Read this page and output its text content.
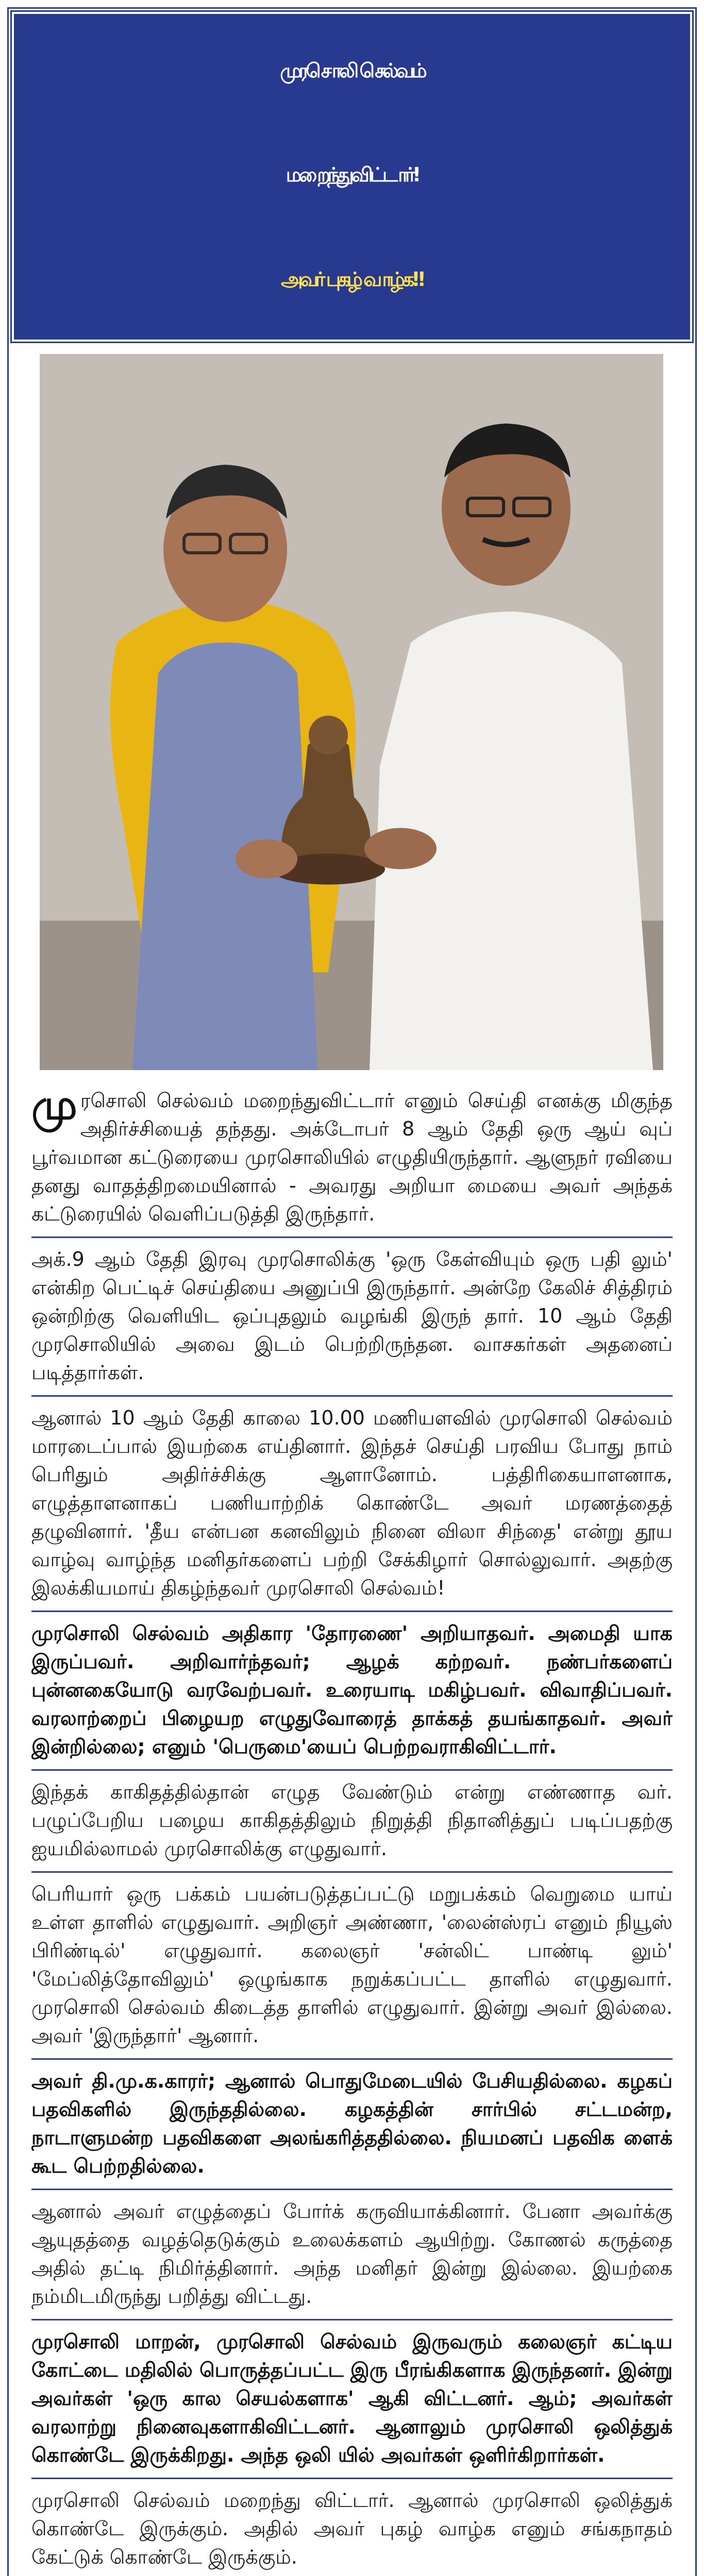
முரசொலி செல்வம்
மறைந்துவிட்டார்!
அவர் புகழ் வாழ்க!!

முரசொலி செல்வம் மறைந்துவிட்டார் எனும் செய்தி எனக்கு மிகுந்த அதிர்ச்சியைத் தந்தது. அக்டோபர் 8 ஆம் தேதி ஒரு ஆய் வுப் பூர்வமான கட்டுரையை முரசொலியில் எழுதியிருந்தார். ஆளுநர் ரவியை தனது வாதத்திறமையினால் - அவரது அறியா மையை அவர் அந்தக் கட்டுரையில் வெளிப்படுத்தி இருந்தார்.

அக்.9 ஆம் தேதி இரவு முரசொலிக்கு 'ஒரு கேள்வியும் ஒரு பதி லும்' என்கிற பெட்டிச் செய்தியை அனுப்பி இருந்தார். அன்றே கேலிச் சித்திரம் ஒன்றிற்கு வெளியிட ஒப்புதலும் வழங்கி இருந் தார். 10 ஆம் தேதி முரசொலியில் அவை இடம் பெற்றிருந்தன. வாசகர்கள் அதனைப் படித்தார்கள்.

ஆனால் 10 ஆம் தேதி காலை 10.00 மணியளவில் முரசொலி செல்வம் மாரடைப்பால் இயற்கை எய்தினார். இந்தச் செய்தி பரவிய போது நாம் பெரிதும் அதிர்ச்சிக்கு ஆளானோம். பத்திரிகையாளனாக, எழுத்தாளனாகப் பணியாற்றிக் கொண்டே அவர் மரணத்தைத் தழுவினார். 'தீய என்பன கனவிலும் நினை விலா சிந்தை' என்று தூய வாழ்வு வாழ்ந்த மனிதர்களைப் பற்றி சேக்கிழார் சொல்லுவார். அதற்கு இலக்கியமாய் திகழ்ந்தவர் முரசொலி செல்வம்!

முரசொலி செல்வம் அதிகார 'தோரணை' அறியாதவர். அமைதி யாக இருப்பவர். அறிவார்ந்தவர்; ஆழக் கற்றவர். நண்பர்களைப் புன்னகையோடு வரவேற்பவர். உரையாடி மகிழ்பவர். விவாதிப்பவர். வரலாற்றைப் பிழையற எழுதுவோரைத் தாக்கத் தயங்காதவர். அவர் இன்றில்லை; எனும் 'பெருமை'யைப் பெற்றவராகிவிட்டார்.

இந்தக் காகிதத்தில்தான் எழுத வேண்டும் என்று எண்ணாத வர். பழுப்பேறிய பழைய காகிதத்திலும் நிறுத்தி நிதானித்துப் படிப்பதற்கு ஐயமில்லாமல் முரசொலிக்கு எழுதுவார்.

பெரியார் ஒரு பக்கம் பயன்படுத்தப்பட்டு மறுபக்கம் வெறுமை யாய் உள்ள தாளில் எழுதுவார். அறிஞர் அண்ணா, 'லைன்ஸ்ரப் எனும் நியூஸ் பிரிண்டில்' எழுதுவார். கலைஞர் 'சன்லிட் பாண்டி லும்' 'மேப்லித்தோவிலும்' ஒழுங்காக நறுக்கப்பட்ட தாளில் எழுதுவார். முரசொலி செல்வம் கிடைத்த தாளில் எழுதுவார். இன்று அவர் இல்லை. அவர் 'இருந்தார்' ஆனார்.

அவர் தி.மு.க.காரர்; ஆனால் பொதுமேடையில் பேசியதில்லை. கழகப் பதவிகளில் இருந்ததில்லை. கழகத்தின் சார்பில் சட்டமன்ற, நாடாளுமன்ற பதவிகளை அலங்கரித்ததில்லை. நியமனப் பதவிக ளைக் கூட பெற்றதில்லை.

ஆனால் அவர் எழுத்தைப் போர்க் கருவியாக்கினார். பேனா அவர்க்கு ஆயுதத்தை வழத்தெடுக்கும் உலைக்களம் ஆயிற்று. கோணல் கருத்தை அதில் தட்டி நிமிர்த்தினார். அந்த மனிதர் இன்று இல்லை. இயற்கை நம்மிடமிருந்து பறித்து விட்டது.

முரசொலி மாறன், முரசொலி செல்வம் இருவரும் கலைஞர் கட்டிய கோட்டை மதிலில் பொருத்தப்பட்ட இரு பீரங்கிகளாக இருந்தனர். இன்று அவர்கள் 'ஒரு கால செயல்களாக' ஆகி விட்டனர். ஆம்; அவர்கள் வரலாற்று நினைவுகளாகிவிட்டனர். ஆனாலும் முரசொலி ஒலித்துக் கொண்டே இருக்கிறது. அந்த ஒலி யில் அவர்கள் ஒளிர்கிறார்கள்.

முரசொலி செல்வம் மறைந்து விட்டார். ஆனால் முரசொலி ஒலித்துக் கொண்டே இருக்கும். அதில் அவர் புகழ் வாழ்க எனும் சங்கநாதம் கேட்டுக் கொண்டே இருக்கும்.
